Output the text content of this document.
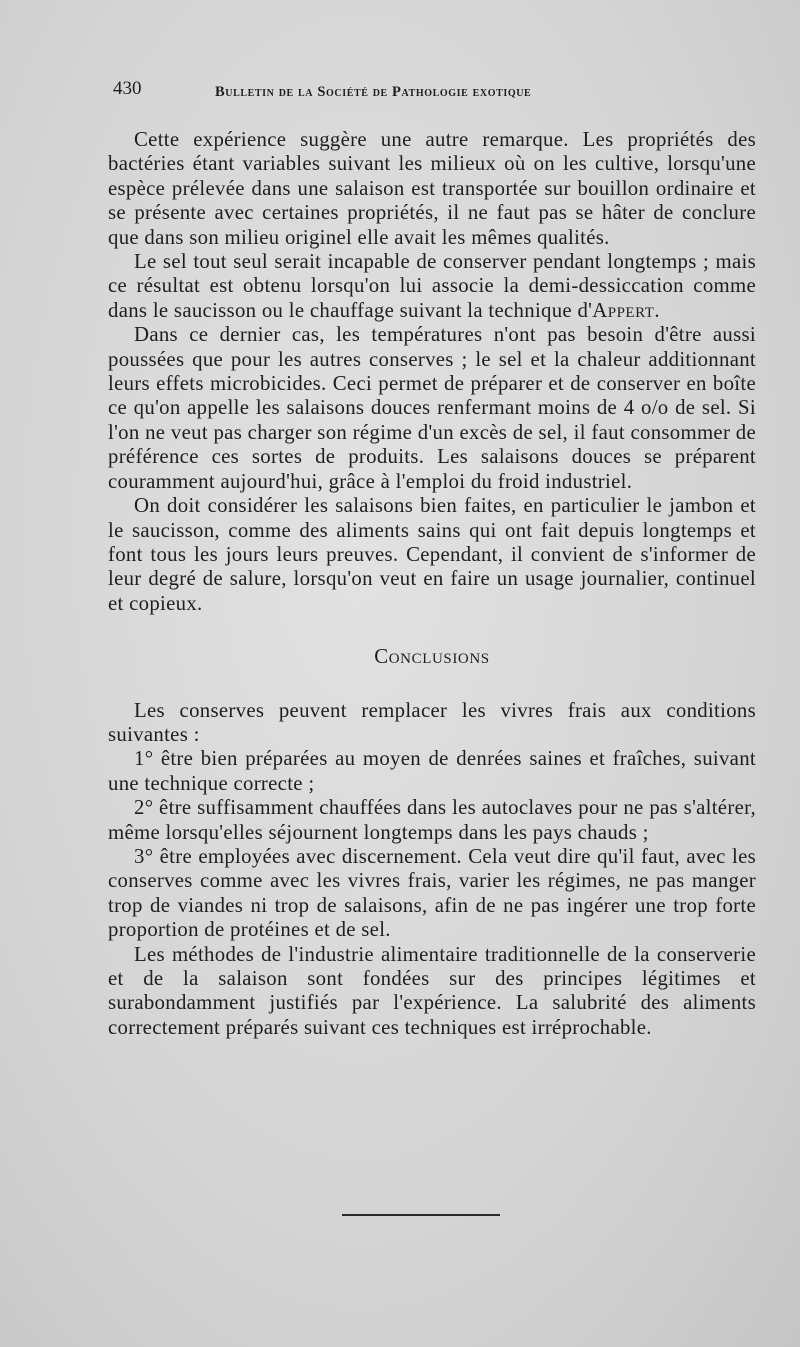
430	Bulletin de la Société de Pathologie exotique

Cette expérience suggère une autre remarque. Les propriétés des bactéries étant variables suivant les milieux où on les cultive, lorsqu'une espèce prélevée dans une salaison est transportée sur bouillon ordinaire et se présente avec certaines propriétés, il ne faut pas se hâter de conclure que dans son milieu originel elle avait les mêmes qualités.

Le sel tout seul serait incapable de conserver pendant longtemps ; mais ce résultat est obtenu lorsqu'on lui associe la demi-dessiccation comme dans le saucisson ou le chauffage suivant la technique d'Appert.

Dans ce dernier cas, les températures n'ont pas besoin d'être aussi poussées que pour les autres conserves ; le sel et la chaleur additionnant leurs effets microbicides. Ceci permet de préparer et de conserver en boîte ce qu'on appelle les salaisons douces renfermant moins de 4 o/o de sel. Si l'on ne veut pas charger son régime d'un excès de sel, il faut consommer de préférence ces sortes de produits. Les salaisons douces se préparent couramment aujourd'hui, grâce à l'emploi du froid industriel.

On doit considérer les salaisons bien faites, en particulier le jambon et le saucisson, comme des aliments sains qui ont fait depuis longtemps et font tous les jours leurs preuves. Cependant, il convient de s'informer de leur degré de salure, lorsqu'on veut en faire un usage journalier, continuel et copieux.

Conclusions

Les conserves peuvent remplacer les vivres frais aux conditions suivantes :

1° être bien préparées au moyen de denrées saines et fraîches, suivant une technique correcte ;

2° être suffisamment chauffées dans les autoclaves pour ne pas s'altérer, même lorsqu'elles séjournent longtemps dans les pays chauds ;

3° être employées avec discernement. Cela veut dire qu'il faut, avec les conserves comme avec les vivres frais, varier les régimes, ne pas manger trop de viandes ni trop de salaisons, afin de ne pas ingérer une trop forte proportion de protéines et de sel.

Les méthodes de l'industrie alimentaire traditionnelle de la conserverie et de la salaison sont fondées sur des principes légitimes et surabondamment justifiés par l'expérience. La salubrité des aliments correctement préparés suivant ces techniques est irréprochable.
